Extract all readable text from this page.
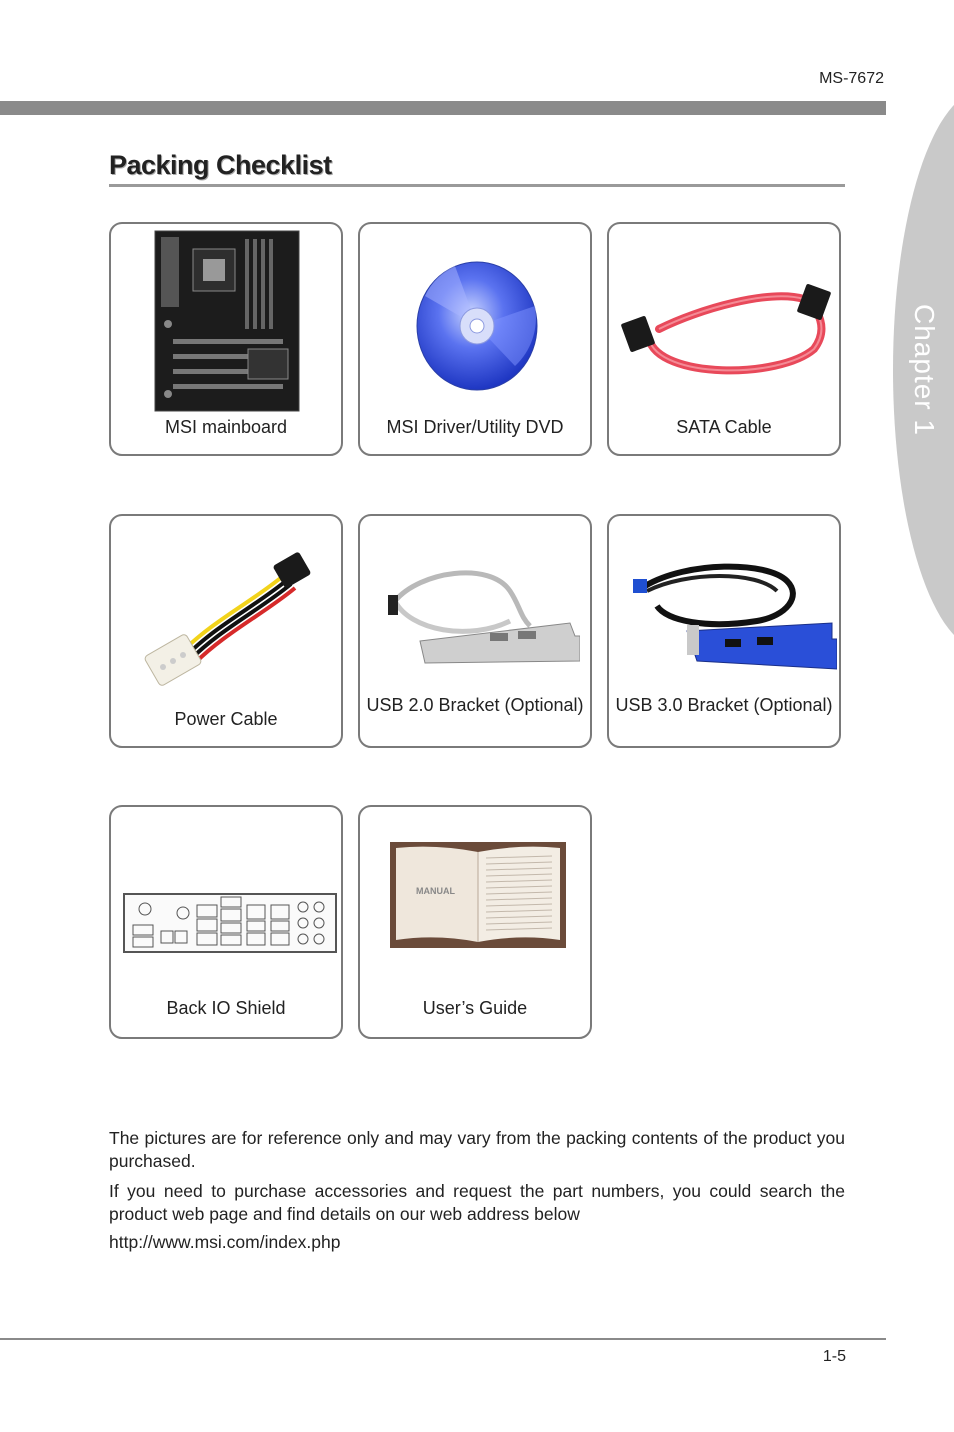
MS-7672
Chapter 1
Packing Checklist
MSI mainboard	MSI Driver/Utility DVD	SATA Cable
Power Cable
USB 2.0 Bracket (Optional) USB 3.0 Bracket (Optional)
Back IO Shield
MANUAL
User’s Guide

The pictures are for reference only and may vary from the packing contents of the product you purchased.

If you need to purchase accessories and request the part numbers, you could search the product web page and find details on our web address below

http://www.msi.com/index.php

1-5
